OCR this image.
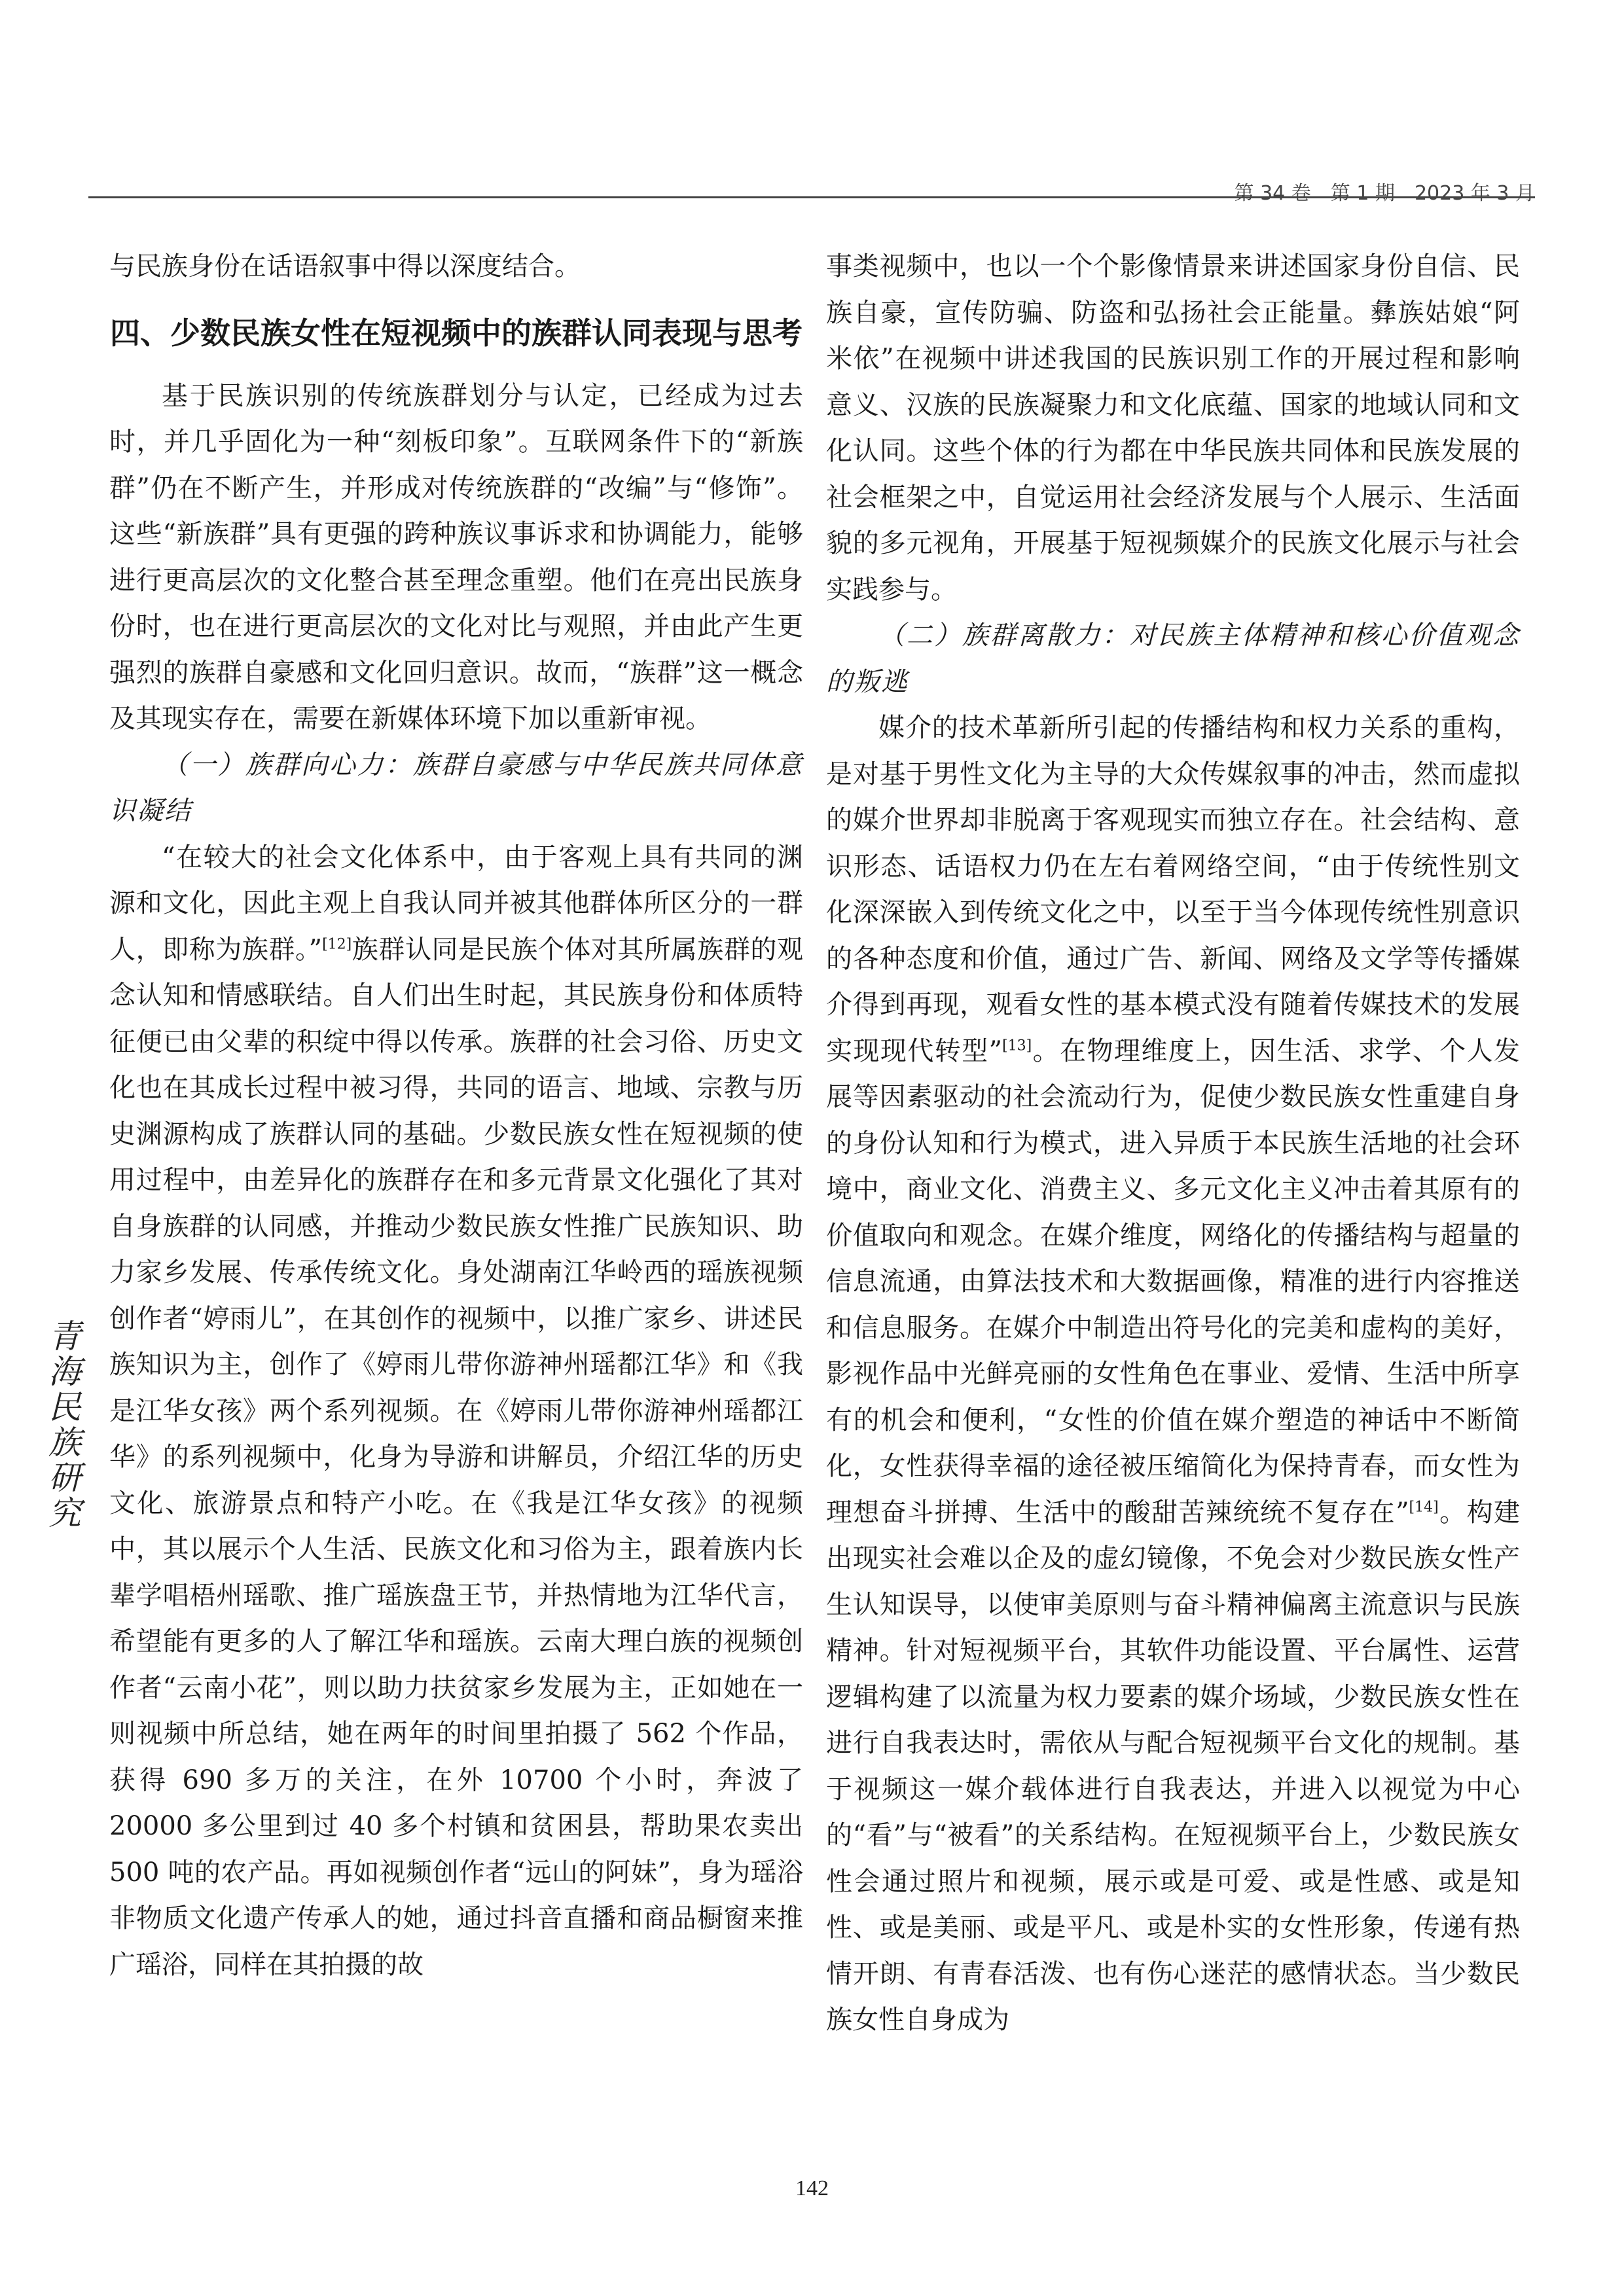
第 34 卷　第 1 期　2023 年 3 月
青
海
民
族
研
究

与民族身份在话语叙事中得以深度结合。

四、少数民族女性在短视频中的族群认同表现与思考

基于民族识别的传统族群划分与认定，已经成为过去时，并几乎固化为一种“刻板印象”。互联网条件下的“新族群”仍在不断产生，并形成对传统族群的“改编”与“修饰”。这些“新族群”具有更强的跨种族议事诉求和协调能力，能够进行更高层次的文化整合甚至理念重塑。他们在亮出民族身份时，也在进行更高层次的文化对比与观照，并由此产生更强烈的族群自豪感和文化回归意识。故而，“族群”这一概念及其现实存在，需要在新媒体环境下加以重新审视。

（一）族群向心力：族群自豪感与中华民族共同体意识凝结

“在较大的社会文化体系中，由于客观上具有共同的渊源和文化，因此主观上自我认同并被其他群体所区分的一群人，即称为族群。”[12]族群认同是民族个体对其所属族群的观念认知和情感联结。自人们出生时起，其民族身份和体质特征便已由父辈的积绽中得以传承。族群的社会习俗、历史文化也在其成长过程中被习得，共同的语言、地域、宗教与历史渊源构成了族群认同的基础。少数民族女性在短视频的使用过程中，由差异化的族群存在和多元背景文化强化了其对自身族群的认同感，并推动少数民族女性推广民族知识、助力家乡发展、传承传统文化。身处湖南江华岭西的瑶族视频创作者“婷雨儿”，在其创作的视频中，以推广家乡、讲述民族知识为主，创作了《婷雨儿带你游神州瑶都江华》和《我是江华女孩》两个系列视频。在《婷雨儿带你游神州瑶都江华》的系列视频中，化身为导游和讲解员，介绍江华的历史文化、旅游景点和特产小吃。在《我是江华女孩》的视频中，其以展示个人生活、民族文化和习俗为主，跟着族内长辈学唱梧州瑶歌、推广瑶族盘王节，并热情地为江华代言，希望能有更多的人了解江华和瑶族。云南大理白族的视频创作者“云南小花”，则以助力扶贫家乡发展为主，正如她在一则视频中所总结，她在两年的时间里拍摄了 562 个作品，获得 690 多万的关注，在外 10700 个小时，奔波了 20000 多公里到过 40 多个村镇和贫困县，帮助果农卖出 500 吨的农产品。再如视频创作者“远山的阿妹”，身为瑶浴非物质文化遗产传承人的她，通过抖音直播和商品橱窗来推广瑶浴，同样在其拍摄的故

事类视频中，也以一个个影像情景来讲述国家身份自信、民族自豪，宣传防骗、防盗和弘扬社会正能量。彝族姑娘“阿米依”在视频中讲述我国的民族识别工作的开展过程和影响意义、汉族的民族凝聚力和文化底蕴、国家的地域认同和文化认同。这些个体的行为都在中华民族共同体和民族发展的社会框架之中，自觉运用社会经济发展与个人展示、生活面貌的多元视角，开展基于短视频媒介的民族文化展示与社会实践参与。

（二）族群离散力：对民族主体精神和核心价值观念的叛逃

媒介的技术革新所引起的传播结构和权力关系的重构，是对基于男性文化为主导的大众传媒叙事的冲击，然而虚拟的媒介世界却非脱离于客观现实而独立存在。社会结构、意识形态、话语权力仍在左右着网络空间，“由于传统性别文化深深嵌入到传统文化之中，以至于当今体现传统性别意识的各种态度和价值，通过广告、新闻、网络及文学等传播媒介得到再现，观看女性的基本模式没有随着传媒技术的发展实现现代转型”[13]。在物理维度上，因生活、求学、个人发展等因素驱动的社会流动行为，促使少数民族女性重建自身的身份认知和行为模式，进入异质于本民族生活地的社会环境中，商业文化、消费主义、多元文化主义冲击着其原有的价值取向和观念。在媒介维度，网络化的传播结构与超量的信息流通，由算法技术和大数据画像，精准的进行内容推送和信息服务。在媒介中制造出符号化的完美和虚构的美好，影视作品中光鲜亮丽的女性角色在事业、爱情、生活中所享有的机会和便利，“女性的价值在媒介塑造的神话中不断简化，女性获得幸福的途径被压缩简化为保持青春，而女性为理想奋斗拼搏、生活中的酸甜苦辣统统不复存在”[14]。构建出现实社会难以企及的虚幻镜像，不免会对少数民族女性产生认知误导，以使审美原则与奋斗精神偏离主流意识与民族精神。针对短视频平台，其软件功能设置、平台属性、运营逻辑构建了以流量为权力要素的媒介场域，少数民族女性在进行自我表达时，需依从与配合短视频平台文化的规制。基于视频这一媒介载体进行自我表达，并进入以视觉为中心的“看”与“被看”的关系结构。在短视频平台上，少数民族女性会通过照片和视频，展示或是可爱、或是性感、或是知性、或是美丽、或是平凡、或是朴实的女性形象，传递有热情开朗、有青春活泼、也有伤心迷茫的感情状态。当少数民族女性自身成为

142
